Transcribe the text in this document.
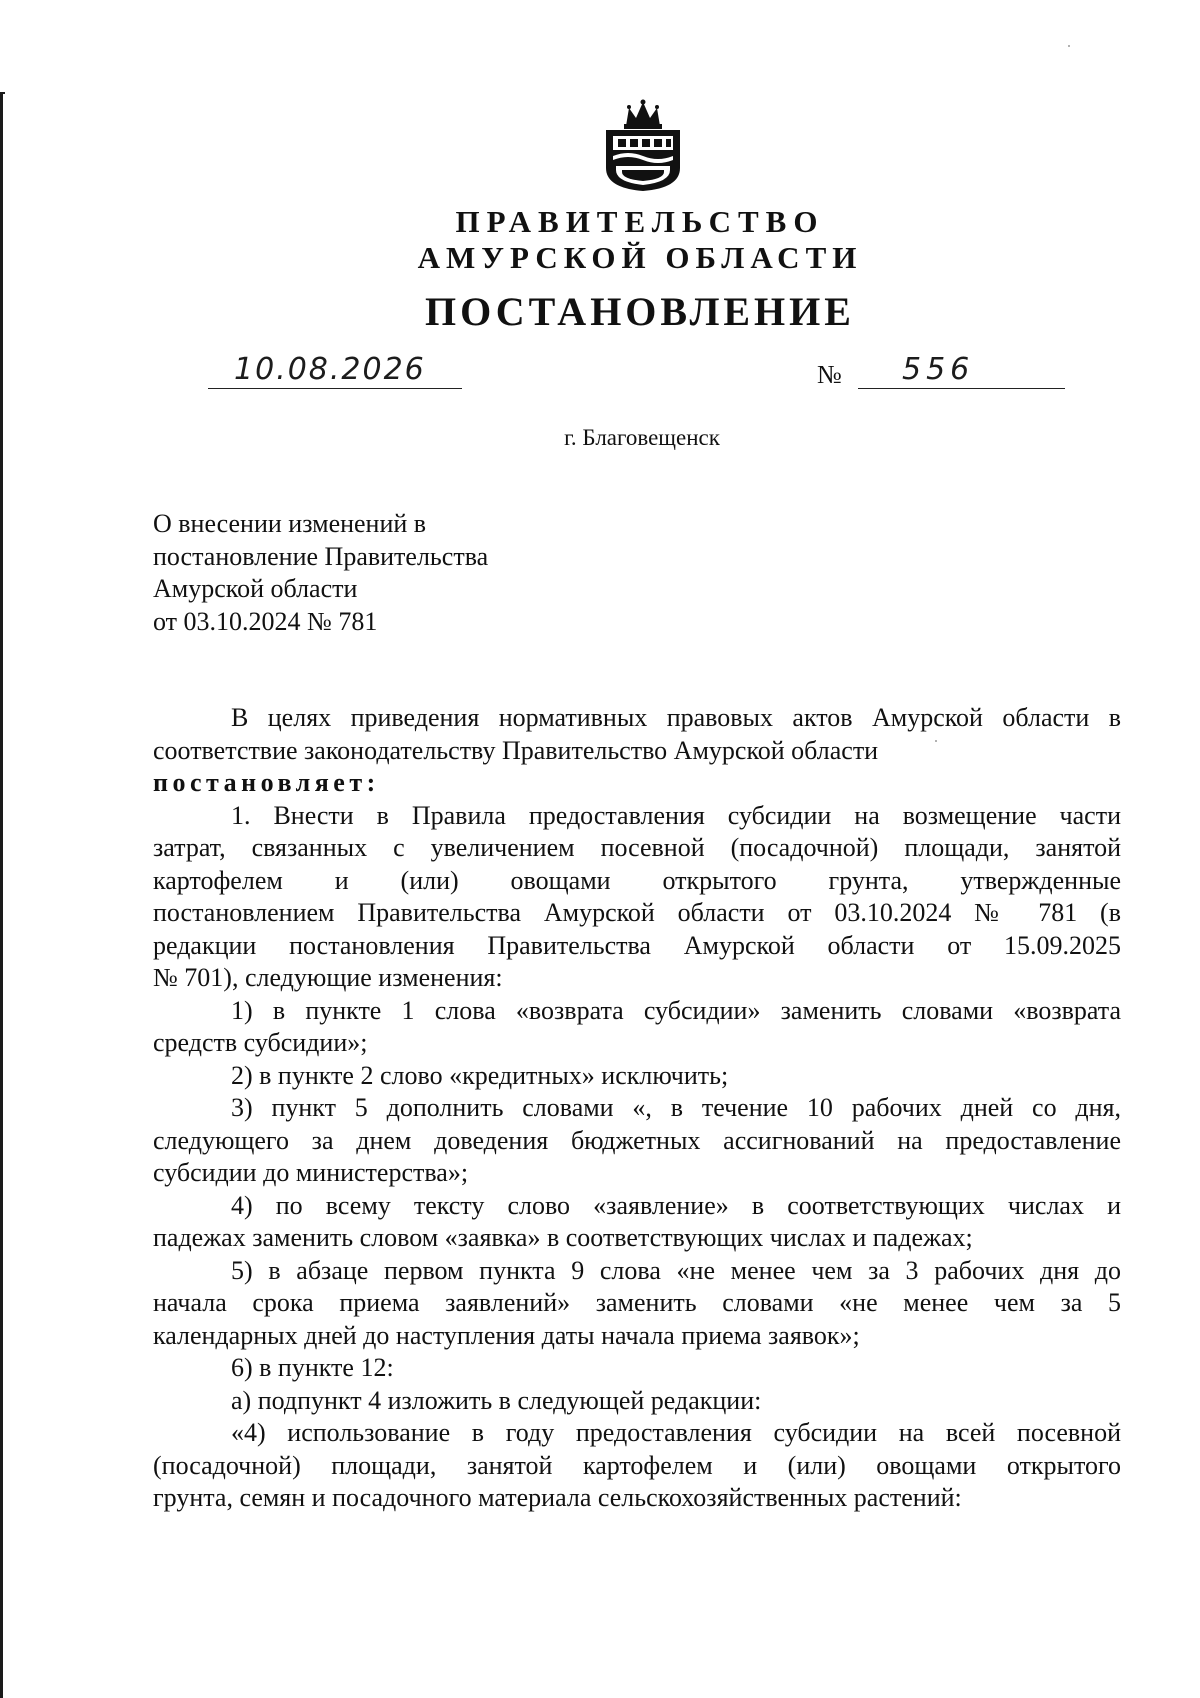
ПРАВИТЕЛЬСТВО
АМУРСКОЙ ОБЛАСТИ
ПОСТАНОВЛЕНИЕ
10.08.2026	№ 556
г. Благовещенск
О внесении изменений в
постановление Правительства
Амурской области
от 03.10.2024 № 781
В целях приведения нормативных правовых актов Амурской области в
соответствие законодательству Правительство Амурской области
постановляет:
1. Внести в Правила предоставления субсидии на возмещение части
затрат, связанных с увеличением посевной (посадочной) площади, занятой
картофелем и (или) овощами открытого грунта, утвержденные
постановлением Правительства Амурской области от 03.10.2024 № 781 (в
редакции постановления Правительства Амурской области от 15.09.2025
№ 701), следующие изменения:
1) в пункте 1 слова «возврата субсидии» заменить словами «возврата
средств субсидии»;
2) в пункте 2 слово «кредитных» исключить;
3) пункт 5 дополнить словами «, в течение 10 рабочих дней со дня,
следующего за днем доведения бюджетных ассигнований на предоставление
субсидии до министерства»;
4) по всему тексту слово «заявление» в соответствующих числах и
падежах заменить словом «заявка» в соответствующих числах и падежах;
5) в абзаце первом пункта 9 слова «не менее чем за 3 рабочих дня до
начала срока приема заявлений» заменить словами «не менее чем за 5
календарных дней до наступления даты начала приема заявок»;
6) в пункте 12:
а) подпункт 4 изложить в следующей редакции:
«4) использование в году предоставления субсидии на всей посевной
(посадочной) площади, занятой картофелем и (или) овощами открытого
грунта, семян и посадочного материала сельскохозяйственных растений:
